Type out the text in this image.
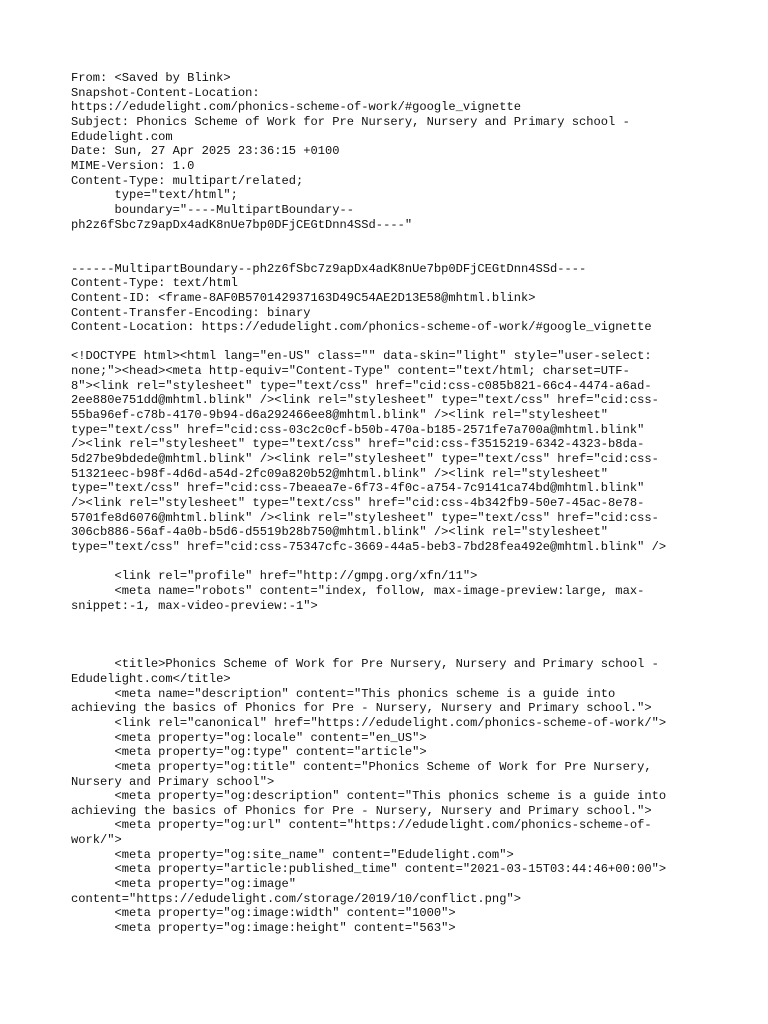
From: <Saved by Blink>
Snapshot-Content-Location:
https://edudelight.com/phonics-scheme-of-work/#google_vignette
Subject: Phonics Scheme of Work for Pre Nursery, Nursery and Primary school -
Edudelight.com
Date: Sun, 27 Apr 2025 23:36:15 +0100
MIME-Version: 1.0
Content-Type: multipart/related;
type="text/html";
boundary="----MultipartBoundary--
ph2z6fSbc7z9apDx4adK8nUe7bp0DFjCEGtDnn4SSd----"
------MultipartBoundary--ph2z6fSbc7z9apDx4adK8nUe7bp0DFjCEGtDnn4SSd----
Content-Type: text/html
Content-ID: <frame-8AF0B570142937163D49C54AE2D13E58@mhtml.blink>
Content-Transfer-Encoding: binary
Content-Location: https://edudelight.com/phonics-scheme-of-work/#google_vignette
<!DOCTYPE html><html lang="en-US" class="" data-skin="light" style="user-select:
none;"><head><meta http-equiv="Content-Type" content="text/html; charset=UTF-
8"><link rel="stylesheet" type="text/css" href="cid:css-c085b821-66c4-4474-a6ad-
2ee880e751dd@mhtml.blink" /><link rel="stylesheet" type="text/css" href="cid:css-
55ba96ef-c78b-4170-9b94-d6a292466ee8@mhtml.blink" /><link rel="stylesheet"
type="text/css" href="cid:css-03c2c0cf-b50b-470a-b185-2571fe7a700a@mhtml.blink"
/><link rel="stylesheet" type="text/css" href="cid:css-f3515219-6342-4323-b8da-
5d27be9bdede@mhtml.blink" /><link rel="stylesheet" type="text/css" href="cid:css-
51321eec-b98f-4d6d-a54d-2fc09a820b52@mhtml.blink" /><link rel="stylesheet"
type="text/css" href="cid:css-7beaea7e-6f73-4f0c-a754-7c9141ca74bd@mhtml.blink"
/><link rel="stylesheet" type="text/css" href="cid:css-4b342fb9-50e7-45ac-8e78-
5701fe8d6076@mhtml.blink" /><link rel="stylesheet" type="text/css" href="cid:css-
306cb886-56af-4a0b-b5d6-d5519b28b750@mhtml.blink" /><link rel="stylesheet"
type="text/css" href="cid:css-75347cfc-3669-44a5-beb3-7bd28fea492e@mhtml.blink" />
<link rel="profile" href="http://gmpg.org/xfn/11">
<meta name="robots" content="index, follow, max-image-preview:large, max-
snippet:-1, max-video-preview:-1">
<title>Phonics Scheme of Work for Pre Nursery, Nursery and Primary school -
Edudelight.com</title>
<meta name="description" content="This phonics scheme is a guide into
achieving the basics of Phonics for Pre - Nursery, Nursery and Primary school.">
<link rel="canonical" href="https://edudelight.com/phonics-scheme-of-work/">
<meta property="og:locale" content="en_US">
<meta property="og:type" content="article">
<meta property="og:title" content="Phonics Scheme of Work for Pre Nursery,
Nursery and Primary school">
<meta property="og:description" content="This phonics scheme is a guide into
achieving the basics of Phonics for Pre - Nursery, Nursery and Primary school.">
<meta property="og:url" content="https://edudelight.com/phonics-scheme-of-
work/">
<meta property="og:site_name" content="Edudelight.com">
<meta property="article:published_time" content="2021-03-15T03:44:46+00:00">
<meta property="og:image"
content="https://edudelight.com/storage/2019/10/conflict.png">
<meta property="og:image:width" content="1000">
<meta property="og:image:height" content="563">
